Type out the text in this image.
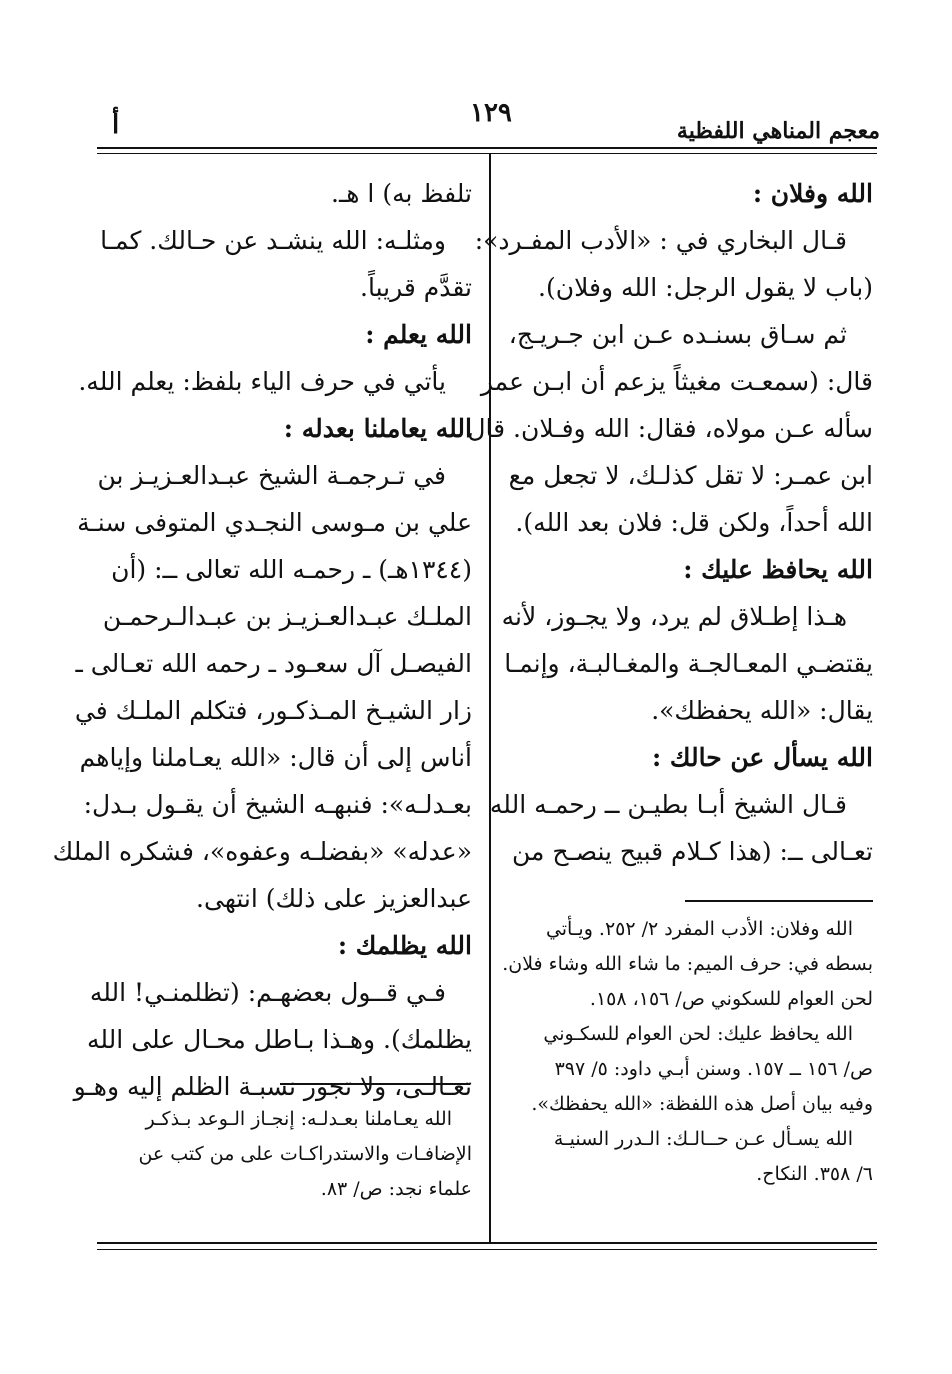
معجم المناهي اللفظية
١٢٩
أ
الله وفلان :
قـال البخاري في : «الأدب المفـرد»:
(باب لا يقول الرجل: الله وفلان).
ثم سـاق بسنـده عـن ابن جـريـج،
قال: (سمعـت مغيثاً يزعم أن ابـن عمر
سأله عـن مولاه، فقال: الله وفـلان. قال
ابن عمـر: لا تقل كذلـك، لا تجعل مع
الله أحداً، ولكن قل: فلان بعد الله).
الله يحافظ عليك :
هـذا إطـلاق لم يرد، ولا يجـوز، لأنه
يقتضـي المعـالجـة والمغـالبـة، وإنمـا
يقال: «الله يحفظك».
الله يسأل عن حالك :
قـال الشيخ أبـا بطيـن ــ رحمـه الله
تعـالى ــ: (هذا كـلام قبيح ينصـح من
تلفظ به) ا هـ.
ومثلـه: الله ينشـد عن حـالك. كمـا
تقدَّم قريباً.
الله يعلم :
يأتي في حرف الياء بلفظ: يعلم الله.
الله يعاملنا بعدله :
في تـرجمـة الشيخ عبـدالعـزيـز بن
علي بن مـوسى النجـدي المتوفى سنـة
(١٣٤٤هـ) ـ رحمـه الله تعالى ــ: (أن
الملـك عبـدالعـزيـز بن عبـدالـرحمـن
الفيصـل آل سعـود ـ رحمه الله تعـالى ـ
زار الشيـخ المـذكـور، فتكلم الملـك في
أناس إلى أن قال: «الله يعـاملنا وإياهم
بعـدلـه»: فنبهـه الشيخ أن يقـول بـدل:
«عدله» «بفضلـه وعفوه»، فشكره الملك
عبدالعزيز على ذلك) انتهى.
الله يظلمك :
فـي قــول بعضهـم: (تظلمنـي! الله
يظلمك). وهـذا بـاطل محـال على الله
تعـالـى، ولا تجوز نسبـة الظلم إليه وهـو
الله وفلان: الأدب المفرد ٢/ ٢٥٢. ويـأتي
بسطه في: حرف الميم: ما شاء الله وشاء فلان.
لحن العوام للسكوني ص/ ١٥٦، ١٥٨.
الله يحافظ عليك: لحن العوام للسكـوني
ص/ ١٥٦ ــ ١٥٧. وسنن أبـي داود: ٥/ ٣٩٧
وفيه بيان أصل هذه اللفظة: «الله يحفظك».
الله يسـأل عـن حــالـك: الـدرر السنيـة
٦/ ٣٥٨. النكاح.
الله يعـاملنا بعـدلـه: إنجـاز الـوعد بـذكـر
الإضافـات والاستدراكـات على من كتب عن
علماء نجد: ص/ ٨٣.
